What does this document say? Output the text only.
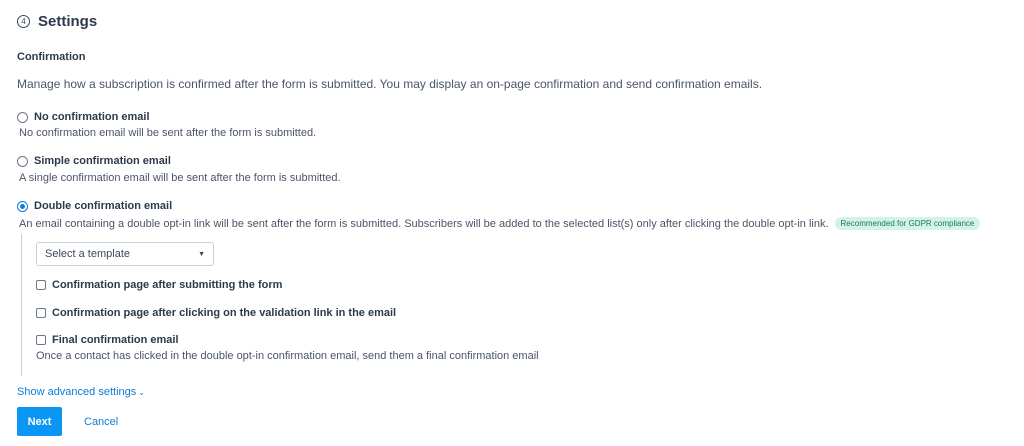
4 Settings
Confirmation
Manage how a subscription is confirmed after the form is submitted. You may display an on-page confirmation and send confirmation emails.
No confirmation email
No confirmation email will be sent after the form is submitted.
Simple confirmation email
A single confirmation email will be sent after the form is submitted.
Double confirmation email
An email containing a double opt-in link will be sent after the form is submitted. Subscribers will be added to the selected list(s) only after clicking the double opt-in link. Recommended for GDPR compliance
Select a template	▼
Confirmation page after submitting the form
Confirmation page after clicking on the validation link in the email
Final confirmation email
Once a contact has clicked in the double opt-in confirmation email, send them a final confirmation email
Show advanced settings ⌄
Next	Cancel
